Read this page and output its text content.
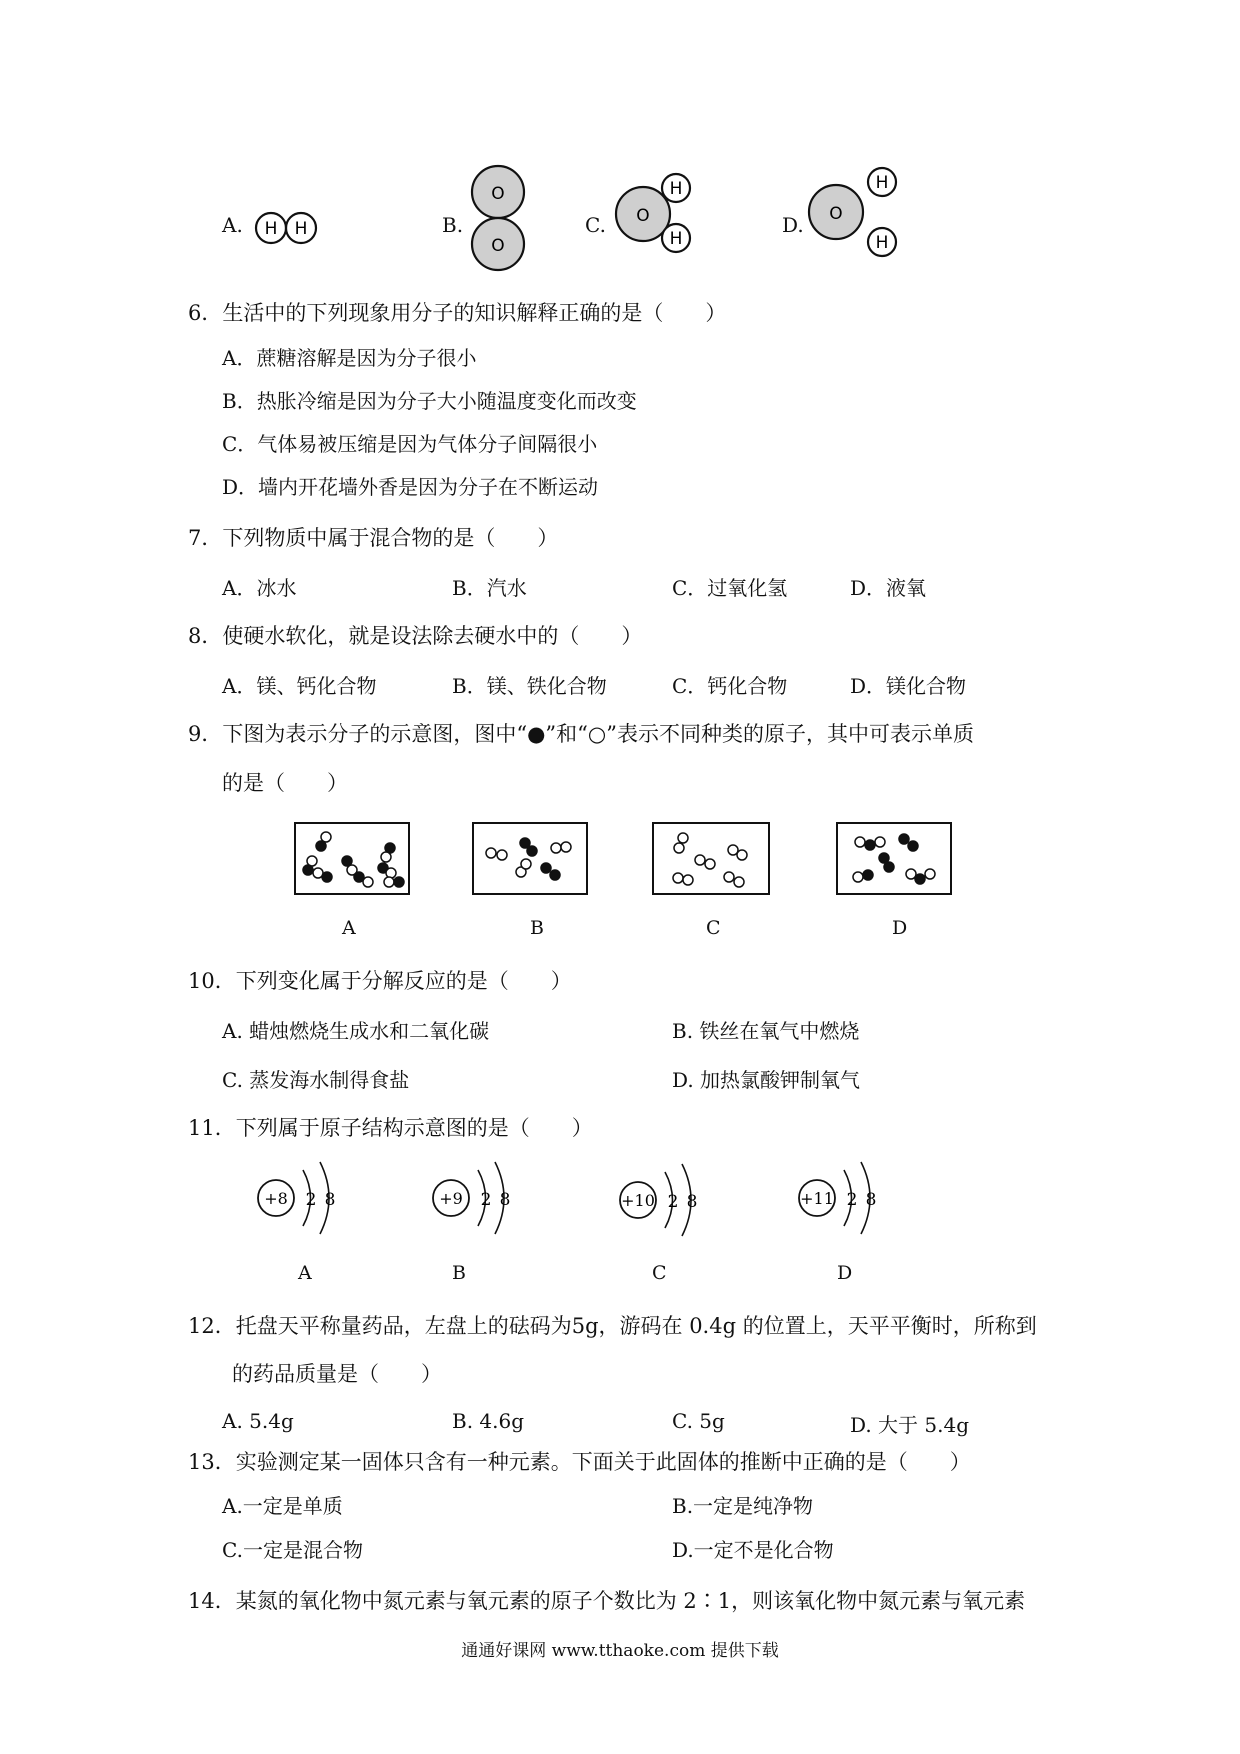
A.	B.	C.	D.
H H
O
O
O
H
H
O
H
H
6．生活中的下列现象用分子的知识解释正确的是（　　）
A．蔗糖溶解是因为分子很小
B．热胀冷缩是因为分子大小随温度变化而改变
C．气体易被压缩是因为气体分子间隔很小
D．墙内开花墙外香是因为分子在不断运动
7．下列物质中属于混合物的是（　　）
A．冰水	B．汽水	C．过氧化氢	D．液氧
8．使硬水软化，就是设法除去硬水中的（　　）
A．镁、钙化合物	B．镁、铁化合物	C．钙化合物	D．镁化合物
9．下图为表示分子的示意图，图中“●”和“○”表示不同种类的原子，其中可表示单质
的是（　　）
A	B	C	D
10．下列变化属于分解反应的是（　　）
A. 蜡烛燃烧生成水和二氧化碳	B. 铁丝在氧气中燃烧
C. 蒸发海水制得食盐	D. 加热氯酸钾制氧气
11．下列属于原子结构示意图的是（　　）
+8 2 8	+9 2 8	+10 2 8	+11 2 8
A	B	C	D
12．托盘天平称量药品，左盘上的砝码为5g，游码在 0.4g 的位置上，天平平衡时，所称到
的药品质量是（　　）
A. 5.4g	B. 4.6g	C. 5g	D. 大于 5.4g
13．实验测定某一固体只含有一种元素。下面关于此固体的推断中正确的是（　　）
A.一定是单质	B.一定是纯净物
C.一定是混合物	D.一定不是化合物
14．某氮的氧化物中氮元素与氧元素的原子个数比为 2∶1，则该氧化物中氮元素与氧元素
通通好课网 www.tthaoke.com 提供下载
